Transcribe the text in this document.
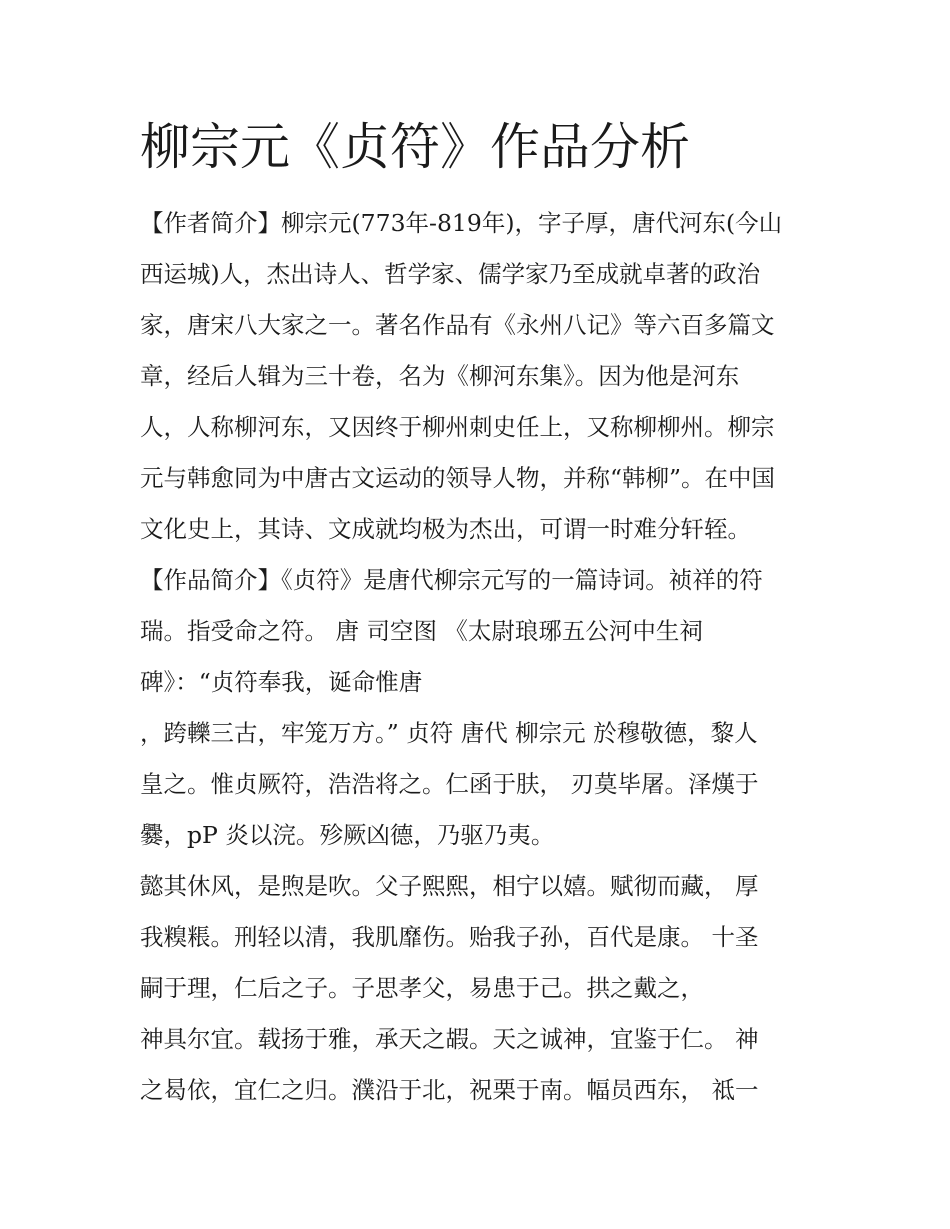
柳宗元《贞符》作品分析
【作者简介】柳宗元(773年-819年)，字子厚，唐代河东(今山
西运城)人，杰出诗人、哲学家、儒学家乃至成就卓著的政治
家，唐宋八大家之一。著名作品有《永州八记》等六百多篇文
章，经后人辑为三十卷，名为《柳河东集》。因为他是河东
人，人称柳河东，又因终于柳州刺史任上，又称柳柳州。柳宗
元与韩愈同为中唐古文运动的领导人物，并称“韩柳”。在中国
文化史上，其诗、文成就均极为杰出，可谓一时难分轩轾。
【作品简介】《贞符》是唐代柳宗元写的一篇诗词。祯祥的符
瑞。指受命之符。 唐 司空图 《太尉琅琊五公河中生祠
碑》：“贞符奉我，诞命惟唐
，跨轢三古，牢笼万方。” 贞符 唐代 柳宗元 於穆敬德，黎人
皇之。惟贞厥符，浩浩将之。仁函于肤， 刃莫毕屠。泽熯于
爨，pP 炎以浣。殄厥凶德，乃驱乃夷。
懿其休风，是煦是吹。父子熙熙，相宁以嬉。赋彻而藏， 厚
我糗粻。刑轻以清，我肌靡伤。贻我子孙，百代是康。 十圣
嗣于理，仁后之子。子思孝父，易患于己。拱之戴之，
神具尔宜。载扬于雅，承天之嘏。天之诚神，宜鉴于仁。 神
之曷依，宜仁之归。濮沿于北，祝栗于南。幅员西东， 祗一
